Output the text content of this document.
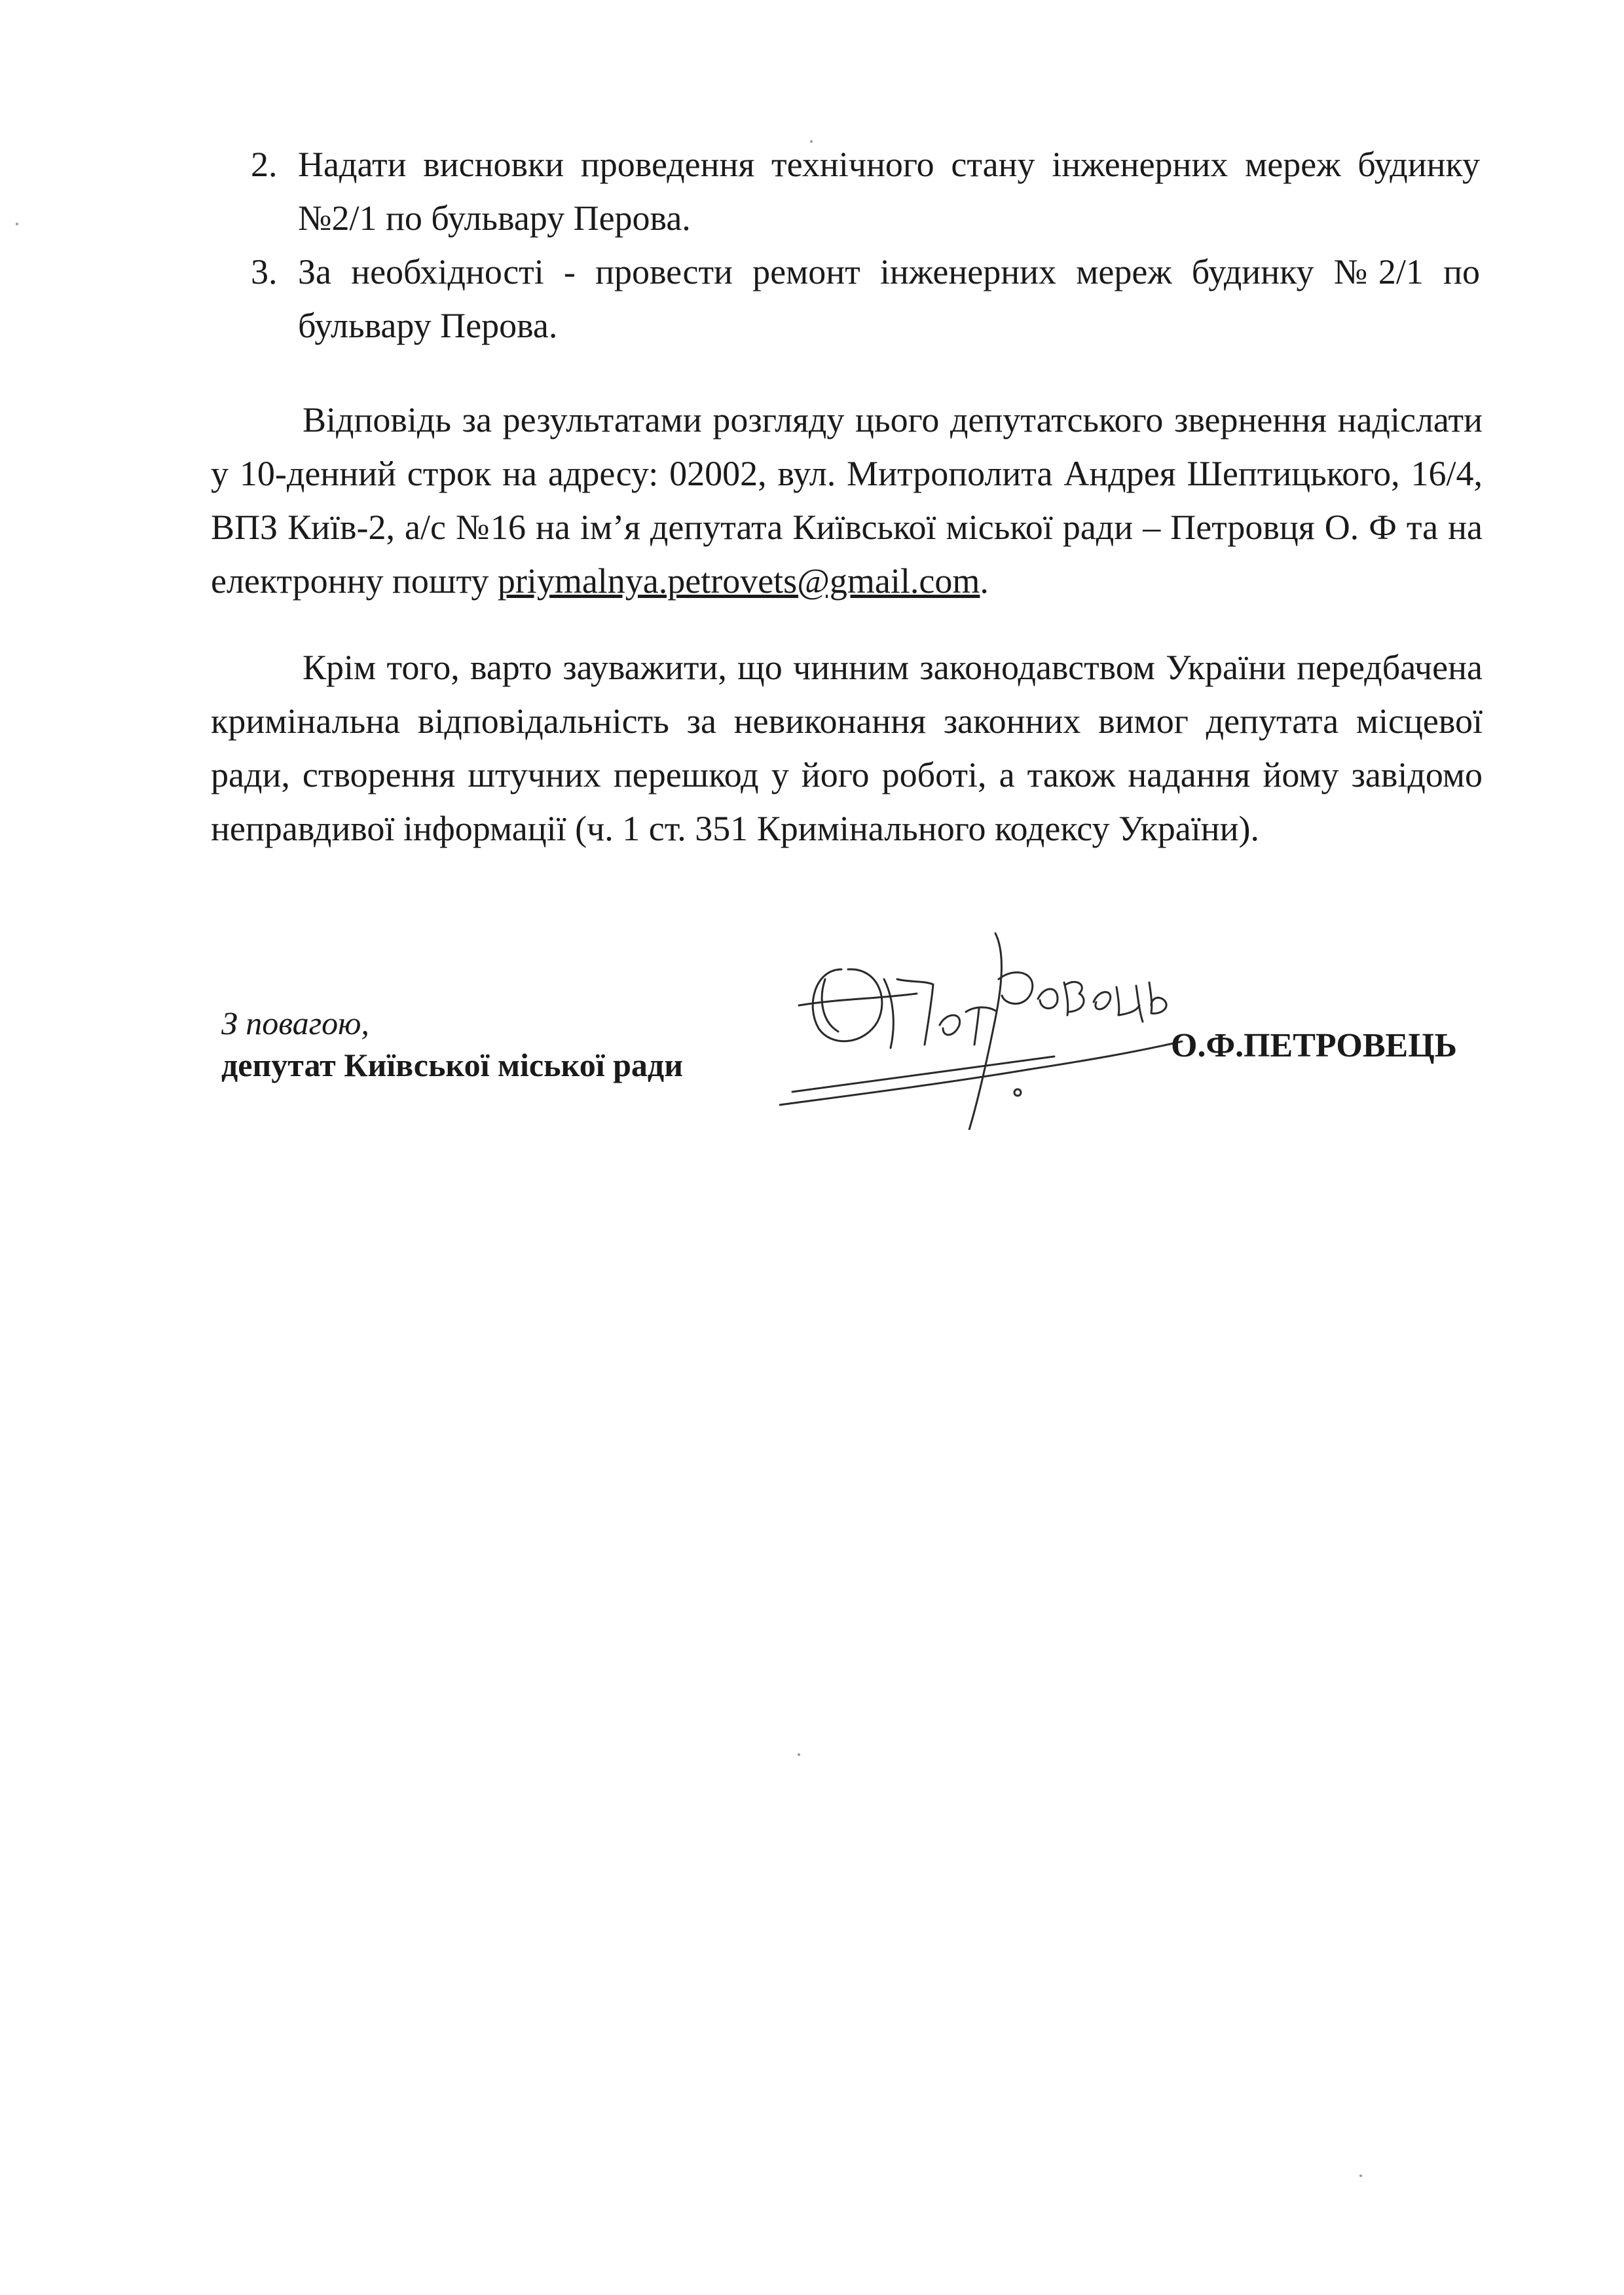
2. Надати висновки проведення технічного стану інженерних мереж будинку №2/1 по бульвару Перова.
3. За необхідності - провести ремонт інженерних мереж будинку №2/1 по бульвару Перова.

Відповідь за результатами розгляду цього депутатського звернення надіслати у 10-денний строк на адресу: 02002, вул. Митрополита Андрея Шептицького, 16/4, ВПЗ Київ-2, а/с №16 на ім’я депутата Київської міської ради – Петровця О. Ф та на електронну пошту priymalnya.petrovets@gmail.com.

Крім того, варто зауважити, що чинним законодавством України передбачена кримінальна відповідальність за невиконання законних вимог депутата місцевої ради, створення штучних перешкод у його роботі, а також надання йому завідомо неправдивої інформації (ч. 1 ст. 351 Кримінального кодексу України).

З повагою,
депутат Київської міської ради
О.Ф.ПЕТРОВЕЦЬ
